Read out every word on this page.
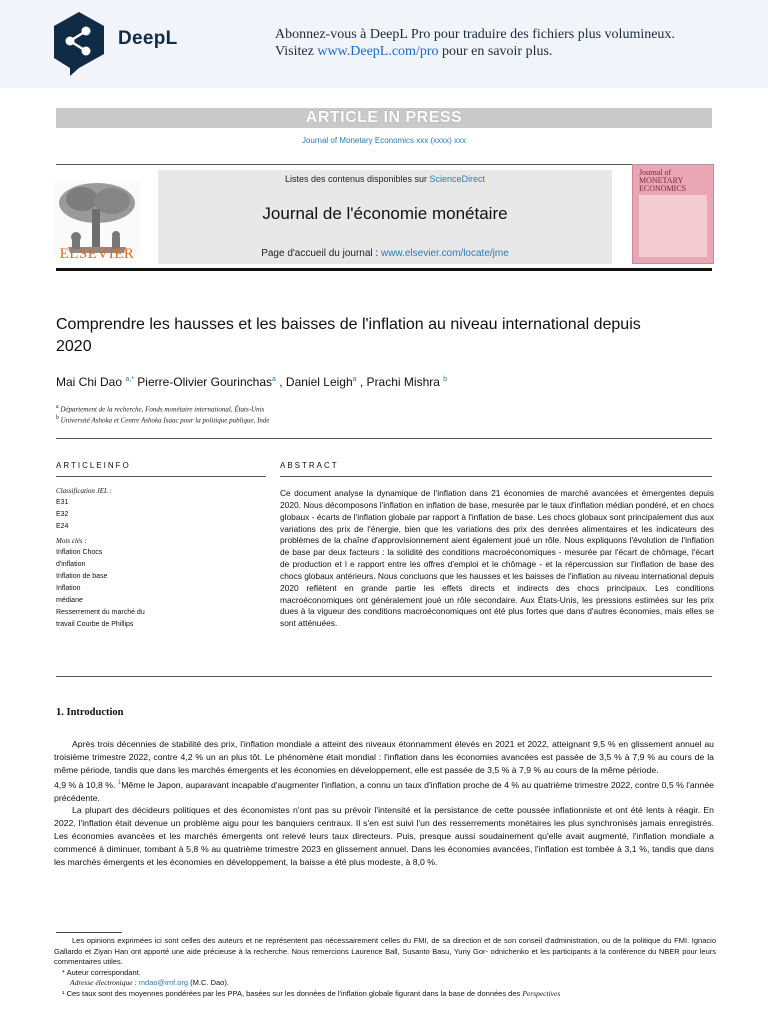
DeepL	Abonnez-vous à DeepL Pro pour traduire des fichiers plus volumineux.
Visitez www.DeepL.com/pro pour en savoir plus.
ARTICLE IN PRESS
Journal of Monetary Economics xxx (xxxx) xxx
ELSEVIER
Listes des contenus disponibles sur ScienceDirect
Journal de l'économie monétaire
Page d'accueil du journal : www.elsevier.com/locate/jme
Journal of MONETARY ECONOMICS
Comprendre les hausses et les baisses de l'inflation au niveau international depuis 2020
Mai Chi Dao $^{a,*}$ Pierre-Olivier Gourinchas$^a$ , Daniel Leigh$^a$ , Prachi Mishra $^b$
$^a$ Département de la recherche, Fonds monétaire international, États-Unis
$^b$ Université Ashoka et Centre Ashoka Isaac pour la politique publique, Inde
ARTICLEINFO	ABSTRACT
Classification JEL :
E31
E32
E24
Mots clés :
Inflation Chocs
d'inflation
Inflation de base
Inflation
médiane
Resserrement du marché du
travail Courbe de Phillips

Ce document analyse la dynamique de l'inflation dans 21 économies de marché avancées et émergentes depuis 2020. Nous décomposons l'inflation en inflation de base, mesurée par le taux d'inflation médian pondéré, et en chocs globaux - écarts de l'inflation globale par rapport à l'inflation de base. Les chocs globaux sont principalement dus aux variations des prix de l'énergie, bien que les variations des prix des denrées alimentaires et les indicateurs des problèmes de la chaîne d'approvisionnement aient également joué un rôle. Nous expliquons l'évolution de l'inflation de base par deux facteurs : la solidité des conditions macroéconomiques - mesurée par l'écart de chômage, l'écart de production et l e rapport entre les offres d'emploi et le chômage - et la répercussion sur l'inflation de base des chocs globaux antérieurs. Nous concluons que les hausses et les baisses de l'inflation au niveau international depuis 2020 reflètent en grande partie les effets directs et indirects des chocs principaux. Les conditions macroéconomiques ont généralement joué un rôle secondaire. Aux États-Unis, les pressions estimées sur les prix dues à la vigueur des conditions macroéconomiques ont été plus fortes que dans d'autres économies, mais elles se sont atténuées.

1. Introduction

Après trois décennies de stabilité des prix, l'inflation mondiale a atteint des niveaux étonnamment élevés en 2021 et 2022, atteignant 9,5 % en glissement annuel au troisième trimestre 2022, contre 4,2 % un an plus tôt. Le phénomène était mondial : l'inflation dans les économies avancées est passée de 3,5 % à 7,9 % au cours de la même période, tandis que dans les marchés émergents et les économies en développement, elle est passée de 3,5 % à 7,9 % au cours de la même période.

4,9 % à 10,8 %. $^1$Même le Japon, auparavant incapable d'augmenter l'inflation, a connu un taux d'inflation proche de 4 % au quatrième trimestre 2022, contre 0,5 % l'année précédente.

La plupart des décideurs politiques et des économistes n'ont pas su prévoir l'intensité et la persistance de cette poussée inflationniste et ont été lents à réagir. En 2022, l'inflation était devenue un problème aigu pour les banquiers centraux. Il s'en est suivi l'un des resserrements monétaires les plus synchronisés jamais enregistrés. Les économies avancées et les marchés émergents ont relevé leurs taux directeurs. Puis, presque aussi soudainement qu'elle avait augmenté, l'inflation mondiale a commencé à diminuer, tombant à 5,8 % au quatrième trimestre 2023 en glissement annuel. Dans les économies avancées, l'inflation est tombée à 3,1 %, tandis que dans les marchés émergents et les économies en développement, la baisse a été plus modeste, à 8,0 %.

Les opinions exprimées ici sont celles des auteurs et ne représentent pas nécessairement celles du FMI, de sa direction et de son conseil d'administration, ou de la politique du FMI. Ignacio Gallardo et Ziyan Han ont apporté une aide précieuse à la recherche. Nous remercions Laurence Ball, Susanto Basu, Yuriy Gor- odnichenko et les participants à la conférence du NBER pour leurs commentaires utiles.

* Auteur correspondant.

Adresse électronique : mdao@imf.org (M.C. Dao).

¹ Ces taux sont des moyennes pondérées par les PPA, basées sur les données de l'inflation globale figurant dans la base de données des Perspectives
